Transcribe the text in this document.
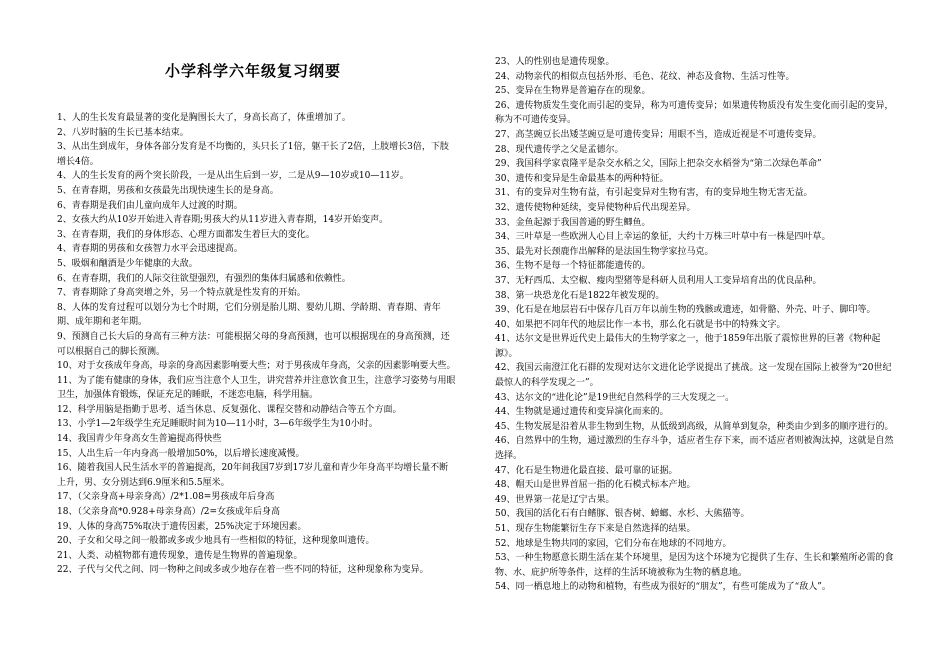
小学科学六年级复习纲要
1、人的生长发育最显著的变化是胸围长大了，身高长高了，体重增加了。
2、八岁时脑的生长已基本结束。
3、从出生到成年，身体各部分发育是不均衡的，头只长了1倍，躯干长了2倍，上肢增长3倍，下肢增长4倍。
4、人的生长发育的两个突长阶段，一是从出生后到一岁，二是从9—10岁或10—11岁。
5、在青春期，男孩和女孩最先出现快速生长的是身高。
6、青春期是我们由儿童向成年人过渡的时期。
2、女孩大约从10岁开始进入青春期;男孩大约从11岁进入青春期，14岁开始变声。
3、在青春期，我们的身体形态、心理方面都发生着巨大的变化。
4、青春期的男孩和女孩智力水平会迅速提高。
5、吸烟和酗酒是少年健康的大敌。
6、在青春期，我们的人际交往欲望强烈，有强烈的集体归属感和依赖性。
7、青春期除了身高突增之外，另一个特点就是性发育的开始。
8、人体的发育过程可以划分为七个时期，它们分别是胎儿期、婴幼儿期、学龄期、青春期、青年期、成年期和老年期。
9、预测自己长大后的身高有三种方法：可能根据父母的身高预测，也可以根据现在的身高预测，还可以根据自己的脚长预测。
10、对于女孩成年身高，母亲的身高因素影响要大些；对于男孩成年身高，父亲的因素影响要大些。
11、为了能有健康的身体，我们应当注意个人卫生，讲究营养并注意饮食卫生，注意学习姿势与用眼卫生，加强体育锻炼，保证充足的睡眠，不迷恋电脑，科学用脑。
12、科学用脑是指勤于思考、适当休息、反复强化、课程交替和动静结合等五个方面。
13、小学1—2年级学生充足睡眠时间为10—11小时，3—6年级学生为10小时。
14、我国青少年身高女生普遍提高得快些
15、人出生后一年内身高一般增加50%，以后增长速度减慢。
16、随着我国人民生活水平的普遍提高，20年间我国7岁到17岁儿童和青少年身高平均增长量不断上升，男、女分别达到6.9厘米和5.5厘米。
17、（父亲身高+母亲身高）/2*1.08=男孩成年后身高
18、（父亲身高*0.928+母亲身高）/2=女孩成年后身高
19、人体的身高75%取决于遗传因素，25%决定于环境因素。
20、子女和父母之间一般都或多或少地具有一些相似的特征，这种现象叫遗传。
21、人类、动植物都有遗传现象，遗传是生物界的普遍现象。
22、子代与父代之间、同一物种之间或多或少地存在着一些不同的特征，这种现象称为变异。
23、人的性别也是遗传现象。
24、动物亲代的相似点包括外形、毛色、花纹、神态及食物、生活习性等。
25、变异在生物界是普遍存在的现象。
26、遗传物质发生变化而引起的变异，称为可遗传变异；如果遗传物质没有发生变化而引起的变异，称为不可遗传变异。
27、高茎豌豆长出矮茎豌豆是可遗传变异；用眼不当，造成近视是不可遗传变异。
28、现代遗传学之父是孟德尔。
29、我国科学家袁隆平是杂交水稻之父，国际上把杂交水稻誉为“第二次绿色革命”
30、遗传和变异是生命最基本的两种特征。
31、有的变异对生物有益，有引起变异对生物有害，有的变异地生物无害无益。
32、遗传使物种延续，变异使物种后代出现差异。
33、金鱼起源于我国普通的野生鲫鱼。
34、三叶草是一些欧洲人心目上幸运的象征，大约十万株三叶草中有一株是四叶草。
35、最先对长颈鹿作出解释的是法国生物学家拉马克。
36、生物不是每一个特征都能遗传的。
37、无籽西瓜、太空椒、瘦肉型猪等是科研人员利用人工变异培育出的优良品种。
38、第一块恐龙化石是1822年被发现的。
39、化石是在地层岩石中保存几百万年以前生物的残骸或遗迹，如骨骼、外壳、叶子、脚印等。
40、如果把不同年代的地层比作一本书，那么化石就是书中的特殊文字。
41、达尔文是世界近代史上最伟大的生物学家之一，他于1859年出版了震惊世界的巨著《物种起源》。
42、我国云南澄江化石群的发现对达尔文进化论学说提出了挑战。这一发现在国际上被誉为“20世纪最惊人的科学发现之一”。
43、达尔文的“进化论”是19世纪自然科学的三大发现之一。
44、生物就是通过遗传和变异演化而来的。
45、生物发展是沿着从非生物到生物，从低级到高级，从简单到复杂，种类由少到多的顺序进行的。
46、自然界中的生物，通过激烈的生存斗争，适应者生存下来，而不适应者则被淘汰掉，这就是自然选择。
47、化石是生物进化最直接、最可靠的证据。
48、帽天山是世界首屈一指的化石模式标本产地。
49、世界第一花是辽宁古果。
50、我国的活化石有白鳍豚、银杏树、蟑螂、水杉、大熊猫等。
51、现存生物能繁衍生存下来是自然选择的结果。
52、地球是生物共同的家园，它们分布在地球的不同地方。
53、一种生物愿意长期生活在某个环境里，是因为这个环境为它提供了生存、生长和繁殖所必需的食物、水、庇护所等条件，这样的生活环境被称为生物的栖息地。
54、同一栖息地上的动物和植物，有些成为很好的“朋友”，有些可能成为了“敌人”。
